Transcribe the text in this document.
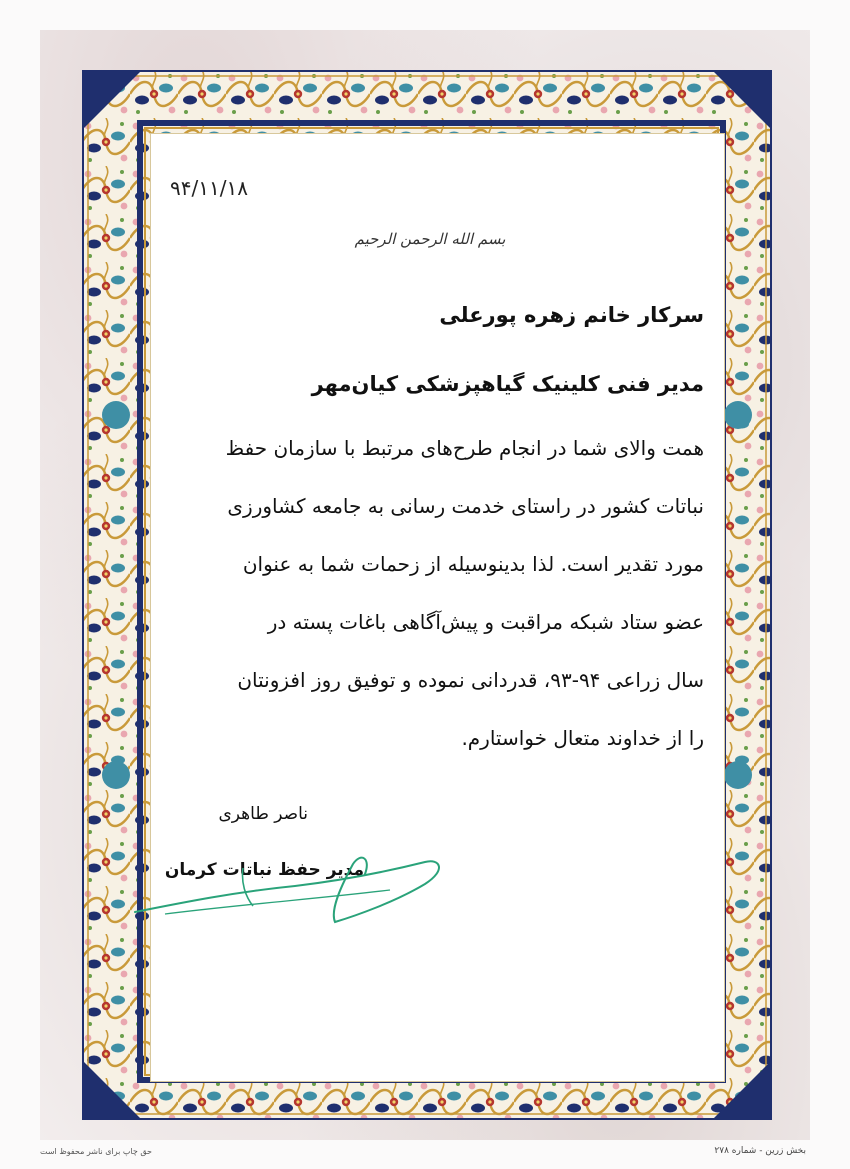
۹۴/۱۱/۱۸
بسم الله الرحمن الرحیم
سرکار خانم زهره پورعلی
مدیر فنی کلینیک گیاهپزشکی کیان‌مهر
همت والای شما در انجام طرح‌های مرتبط با سازمان حفظ
نباتات کشور در راستای خدمت رسانی به جامعه کشاورزی
مورد تقدیر است. لذا بدینوسیله از زحمات شما به عنوان
عضو ستاد شبکه مراقبت و پیش‌آگاهی باغات پسته در
سال زراعی ۹۴-۹۳، قدردانی نموده و توفیق روز افزونتان
را از خداوند متعال خواستارم.
ناصر طاهری
مدیر حفظ نباتات کرمان
حق چاپ برای ناشر محفوظ است	بخش زرین - شماره ۲۷۸
